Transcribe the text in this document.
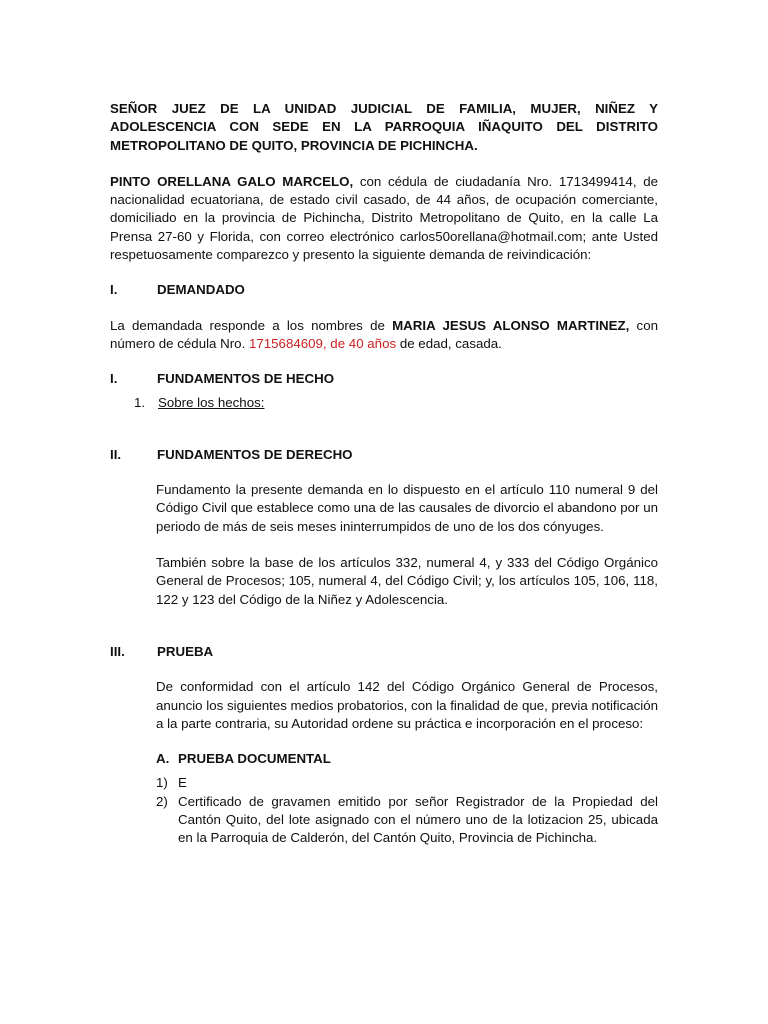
SEÑOR JUEZ DE LA UNIDAD JUDICIAL DE FAMILIA, MUJER, NIÑEZ Y ADOLESCENCIA CON SEDE EN LA PARROQUIA IÑAQUITO DEL DISTRITO METROPOLITANO DE QUITO, PROVINCIA DE PICHINCHA.

PINTO ORELLANA GALO MARCELO, con cédula de ciudadanía Nro. 1713499414, de nacionalidad ecuatoriana, de estado civil casado, de 44 años, de ocupación comerciante, domiciliado en la provincia de Pichincha, Distrito Metropolitano de Quito, en la calle La Prensa 27-60 y Florida, con correo electrónico carlos50orellana@hotmail.com; ante Usted respetuosamente comparezco y presento la siguiente demanda de reivindicación:

I.	DEMANDADO

La demandada responde a los nombres de MARIA JESUS ALONSO MARTINEZ, con número de cédula Nro. 1715684609, de 40 años de edad, casada.

I.	FUNDAMENTOS DE HECHO
1. Sobre los hechos:
II.	FUNDAMENTOS DE DERECHO

Fundamento la presente demanda en lo dispuesto en el artículo 110 numeral 9 del Código Civil que establece como una de las causales de divorcio el abandono por un periodo de más de seis meses ininterrumpidos de uno de los dos cónyuges.

También sobre la base de los artículos 332, numeral 4, y 333 del Código Orgánico General de Procesos; 105, numeral 4, del Código Civil; y, los artículos 105, 106, 118, 122 y 123 del Código de la Niñez y Adolescencia.

III.	PRUEBA

De conformidad con el artículo 142 del Código Orgánico General de Procesos, anuncio los siguientes medios probatorios, con la finalidad de que, previa notificación a la parte contraria, su Autoridad ordene su práctica e incorporación en el proceso:

A. PRUEBA DOCUMENTAL
1) E
2) Certificado de gravamen emitido por señor Registrador de la Propiedad del Cantón Quito, del lote asignado con el número uno de la lotizacion 25, ubicada en la Parroquia de Calderón, del Cantón Quito, Provincia de Pichincha.
